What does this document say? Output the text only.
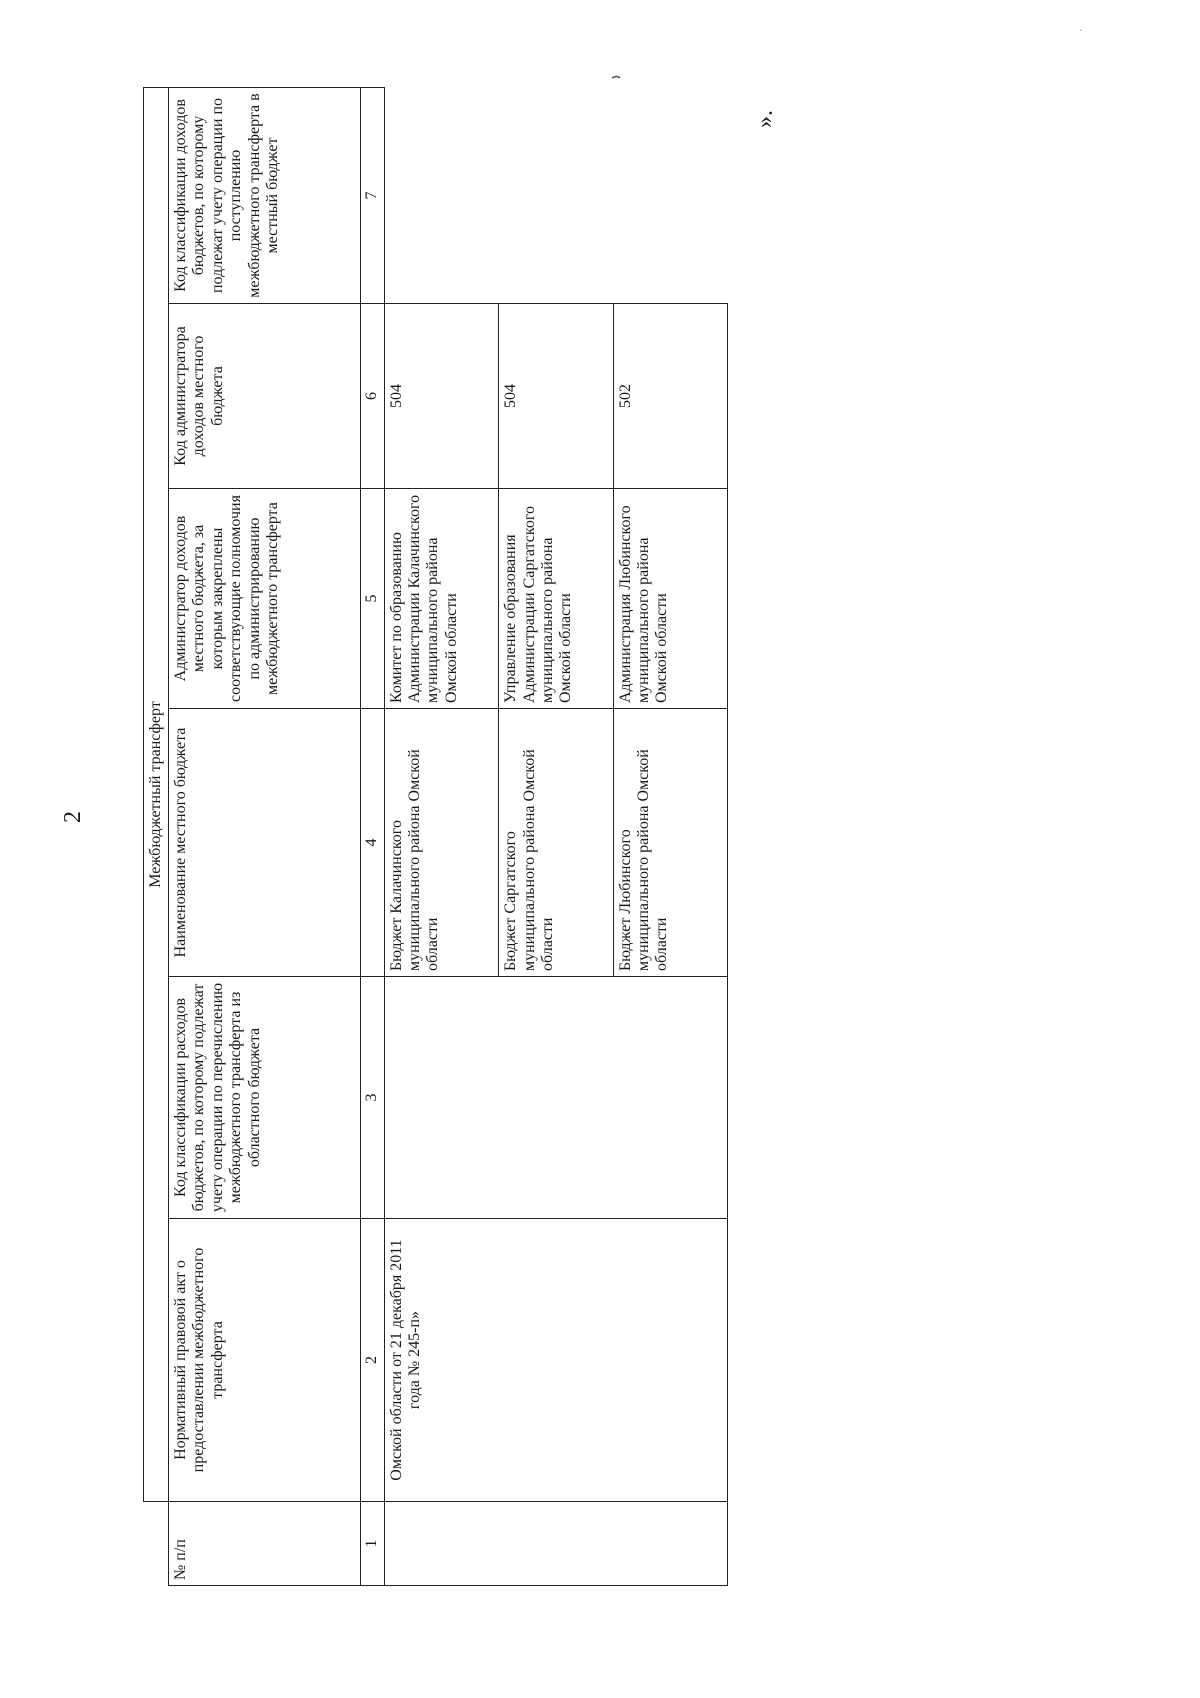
2
».
	Межбюджетный трансферт					
№ п/п	Нормативный правовой акт о предоставлении межбюджетного трансферта	Код классификации расходов бюджетов, по которому подлежат учету операции по перечислению межбюджетного трансферта из областного бюджета	Наименование местного бюджета	Администратор доходов местного бюджета, за которым закреплены соответствующие полномочия по администрированию межбюджетного трансферта	Код администратора доходов местного бюджета	Код классификации доходов бюджетов, по которому подлежат учету операции по поступлению межбюджетного трансферта в местный бюджет
1	2	3	4	5	6	7
	Омской области от 21 декабря 2011 года № 245-п»		Бюджет Калачинского муниципального района Омской области	Комитет по образованию Администрации Калачинского муниципального района Омской области	504	
			Бюджет Саргатского муниципального района Омской области	Управление образования Администрации Саргатского муниципального района Омской области	504	
			Бюджет Любинского муниципального района Омской области	Администрация Любинского муниципального района Омской области	502	
